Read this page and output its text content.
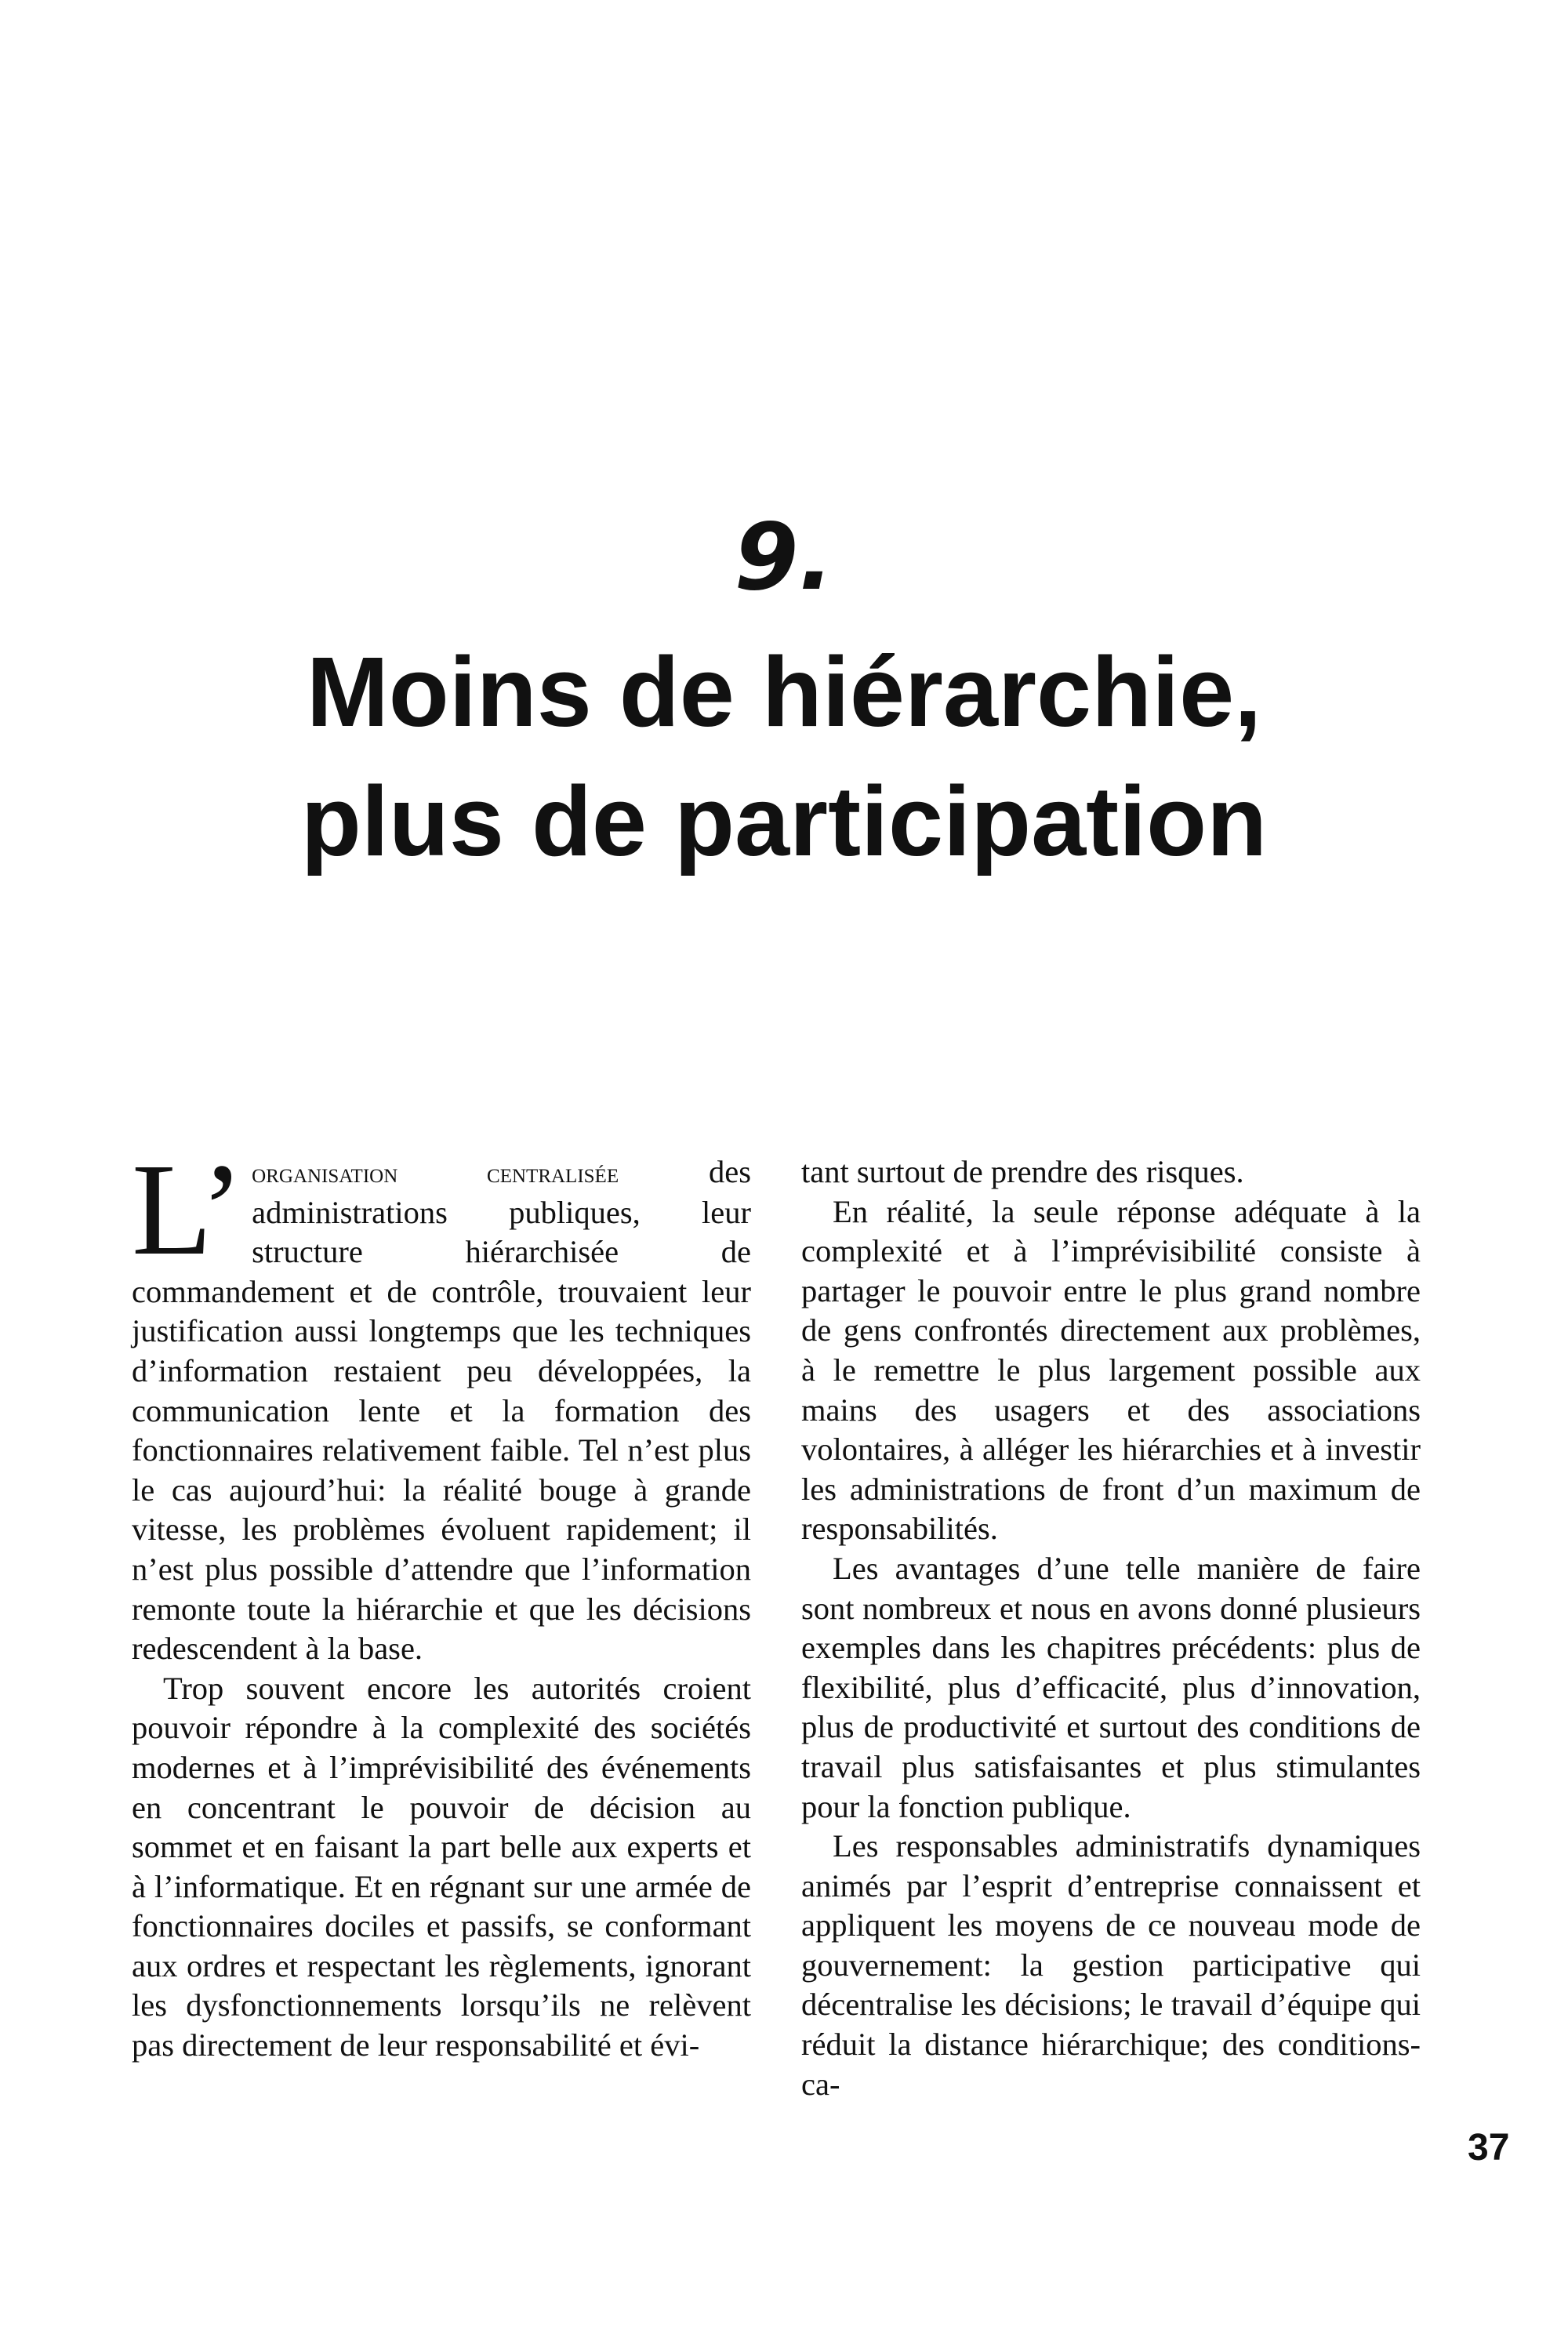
9.
Moins de hiérarchie,
plus de participation

L’ organisation centralisée des administrations publiques, leur structure hiérarchisée de commandement et de contrôle, trouvaient leur justification aussi longtemps que les techniques d’information restaient peu développées, la communication lente et la formation des fonctionnaires relativement faible. Tel n’est plus le cas aujourd’hui: la réalité bouge à grande vitesse, les problèmes évoluent rapidement; il n’est plus possible d’attendre que l’information remonte toute la hiérarchie et que les décisions redescendent à la base.

Trop souvent encore les autorités croient pouvoir répondre à la complexité des sociétés modernes et à l’imprévisibilité des événements en concentrant le pouvoir de décision au sommet et en faisant la part belle aux experts et à l’informatique. Et en régnant sur une armée de fonctionnaires dociles et passifs, se conformant aux ordres et respectant les règlements, ignorant les dysfonctionnements lorsqu’ils ne relèvent pas directement de leur responsabilité et évi-

tant surtout de prendre des risques.

En réalité, la seule réponse adéquate à la complexité et à l’imprévisibilité consiste à partager le pouvoir entre le plus grand nombre de gens confrontés directement aux problèmes, à le remettre le plus largement possible aux mains des usagers et des associations volontaires, à alléger les hiérarchies et à investir les administrations de front d’un maximum de responsabilités.

Les avantages d’une telle manière de faire sont nombreux et nous en avons donné plusieurs exemples dans les chapitres précédents: plus de flexibilité, plus d’efficacité, plus d’innovation, plus de productivité et surtout des conditions de travail plus satisfaisantes et plus stimulantes pour la fonction publique.

Les responsables administratifs dynamiques animés par l’esprit d’entreprise connaissent et appliquent les moyens de ce nouveau mode de gouvernement: la gestion participative qui décentralise les décisions; le travail d’équipe qui réduit la distance hiérarchique; des conditions-ca-

37
